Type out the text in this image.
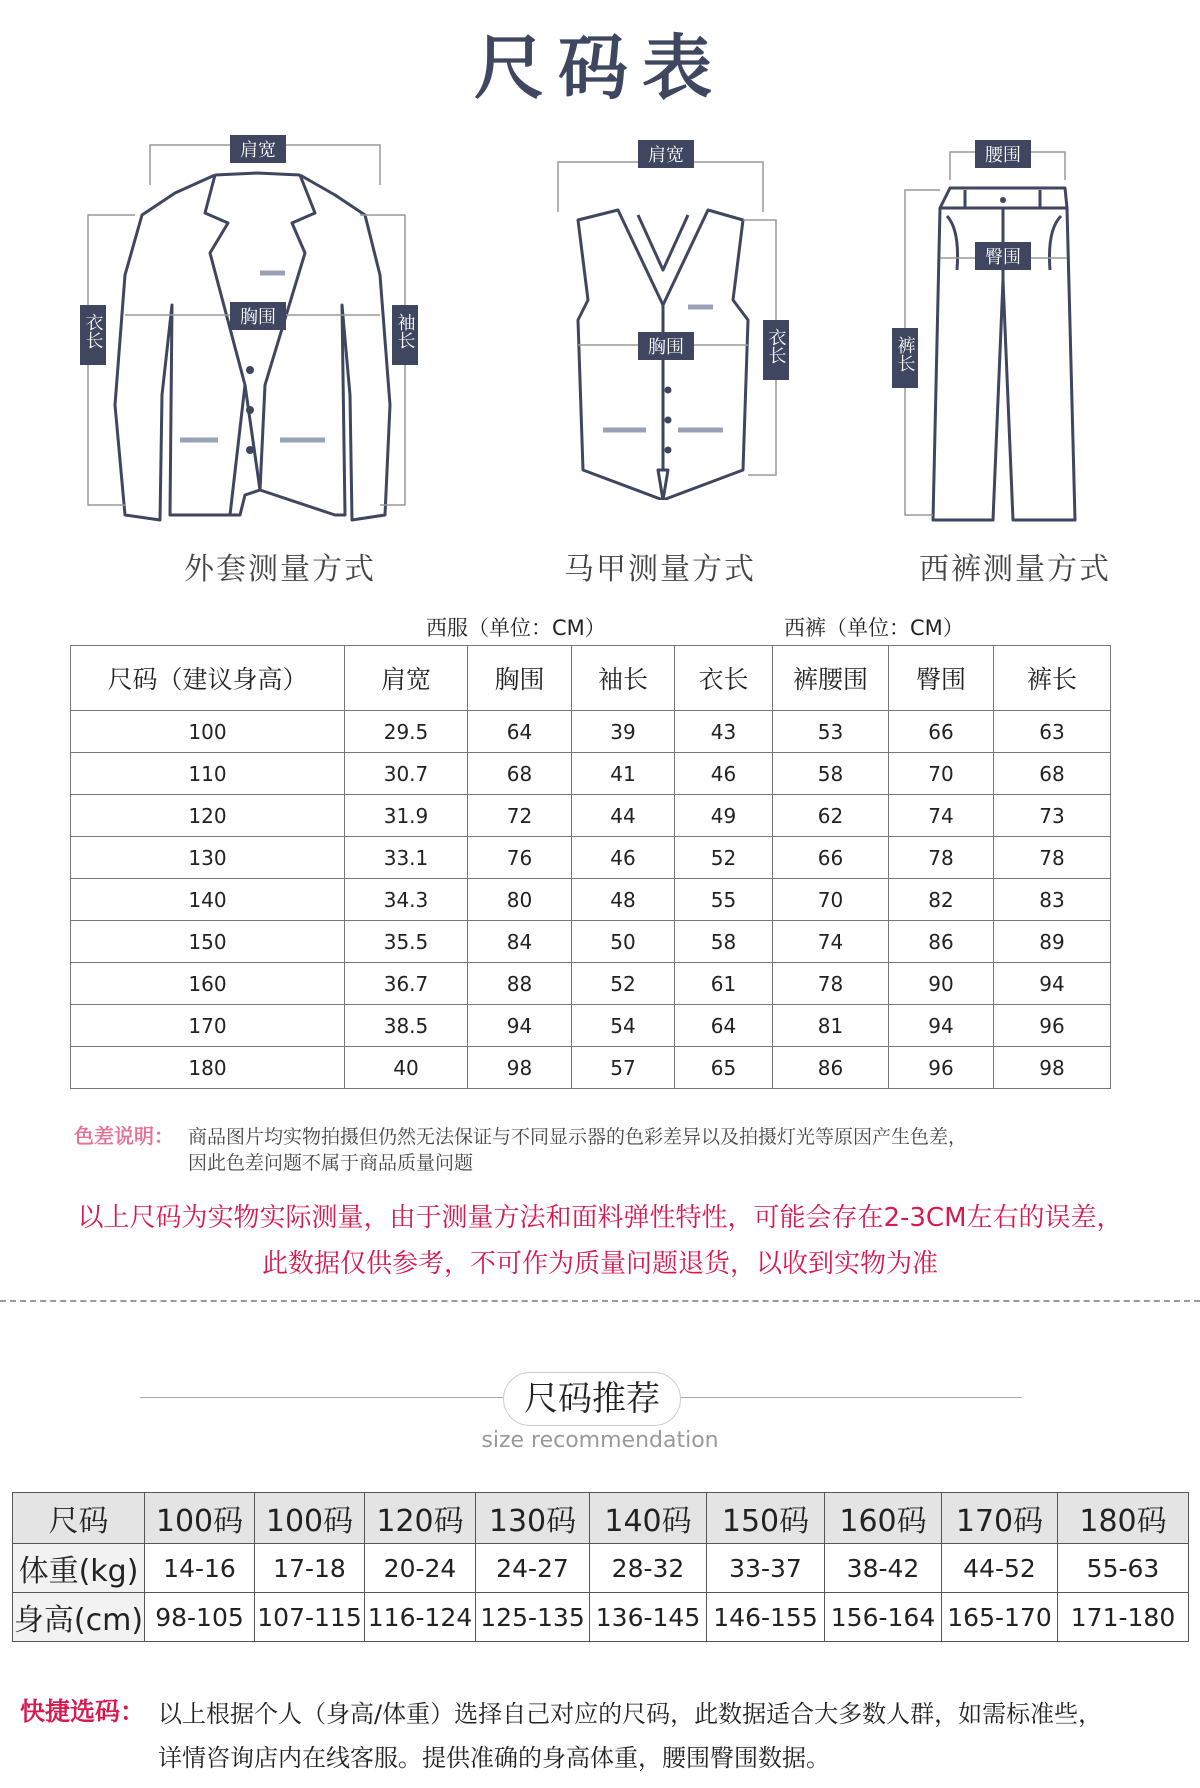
尺码表
肩宽
胸围
衣长	袖长
外套测量方式
肩宽
胸围	衣长
马甲测量方式
腰围
臀围
裤长
西裤测量方式
西服（单位：CM）	西裤（单位：CM）
尺码（建议身高）	肩宽	胸围	袖长	衣长	裤腰围	臀围	裤长
100	29.5	64	39	43	53	66	63
110	30.7	68	41	46	58	70	68
120	31.9	72	44	49	62	74	73
130	33.1	76	46	52	66	78	78
140	34.3	80	48	55	70	82	83
150	35.5	84	50	58	74	86	89
160	36.7	88	52	61	78	90	94
170	38.5	94	54	64	81	94	96
180	40	98	57	65	86	96	98
色差说明： 商品图片均实物拍摄但仍然无法保证与不同显示器的色彩差异以及拍摄灯光等原因产生色差，
因此色差问题不属于商品质量问题
以上尺码为实物实际测量，由于测量方法和面料弹性特性，可能会存在2-3CM左右的误差，
此数据仅供参考，不可作为质量问题退货，以收到实物为准
尺码推荐
size recommendation
尺码	100码	100码	120码	130码	140码	150码	160码	170码	180码
体重(kg)	14-16	17-18	20-24	24-27	28-32	33-37	38-42	44-52	55-63
身高(cm)	98-105	107-115	116-124	125-135	136-145	146-155	156-164	165-170	171-180
快捷选码： 以上根据个人（身高/体重）选择自己对应的尺码，此数据适合大多数人群，如需标准些，
详情咨询店内在线客服。提供准确的身高体重，腰围臀围数据。
